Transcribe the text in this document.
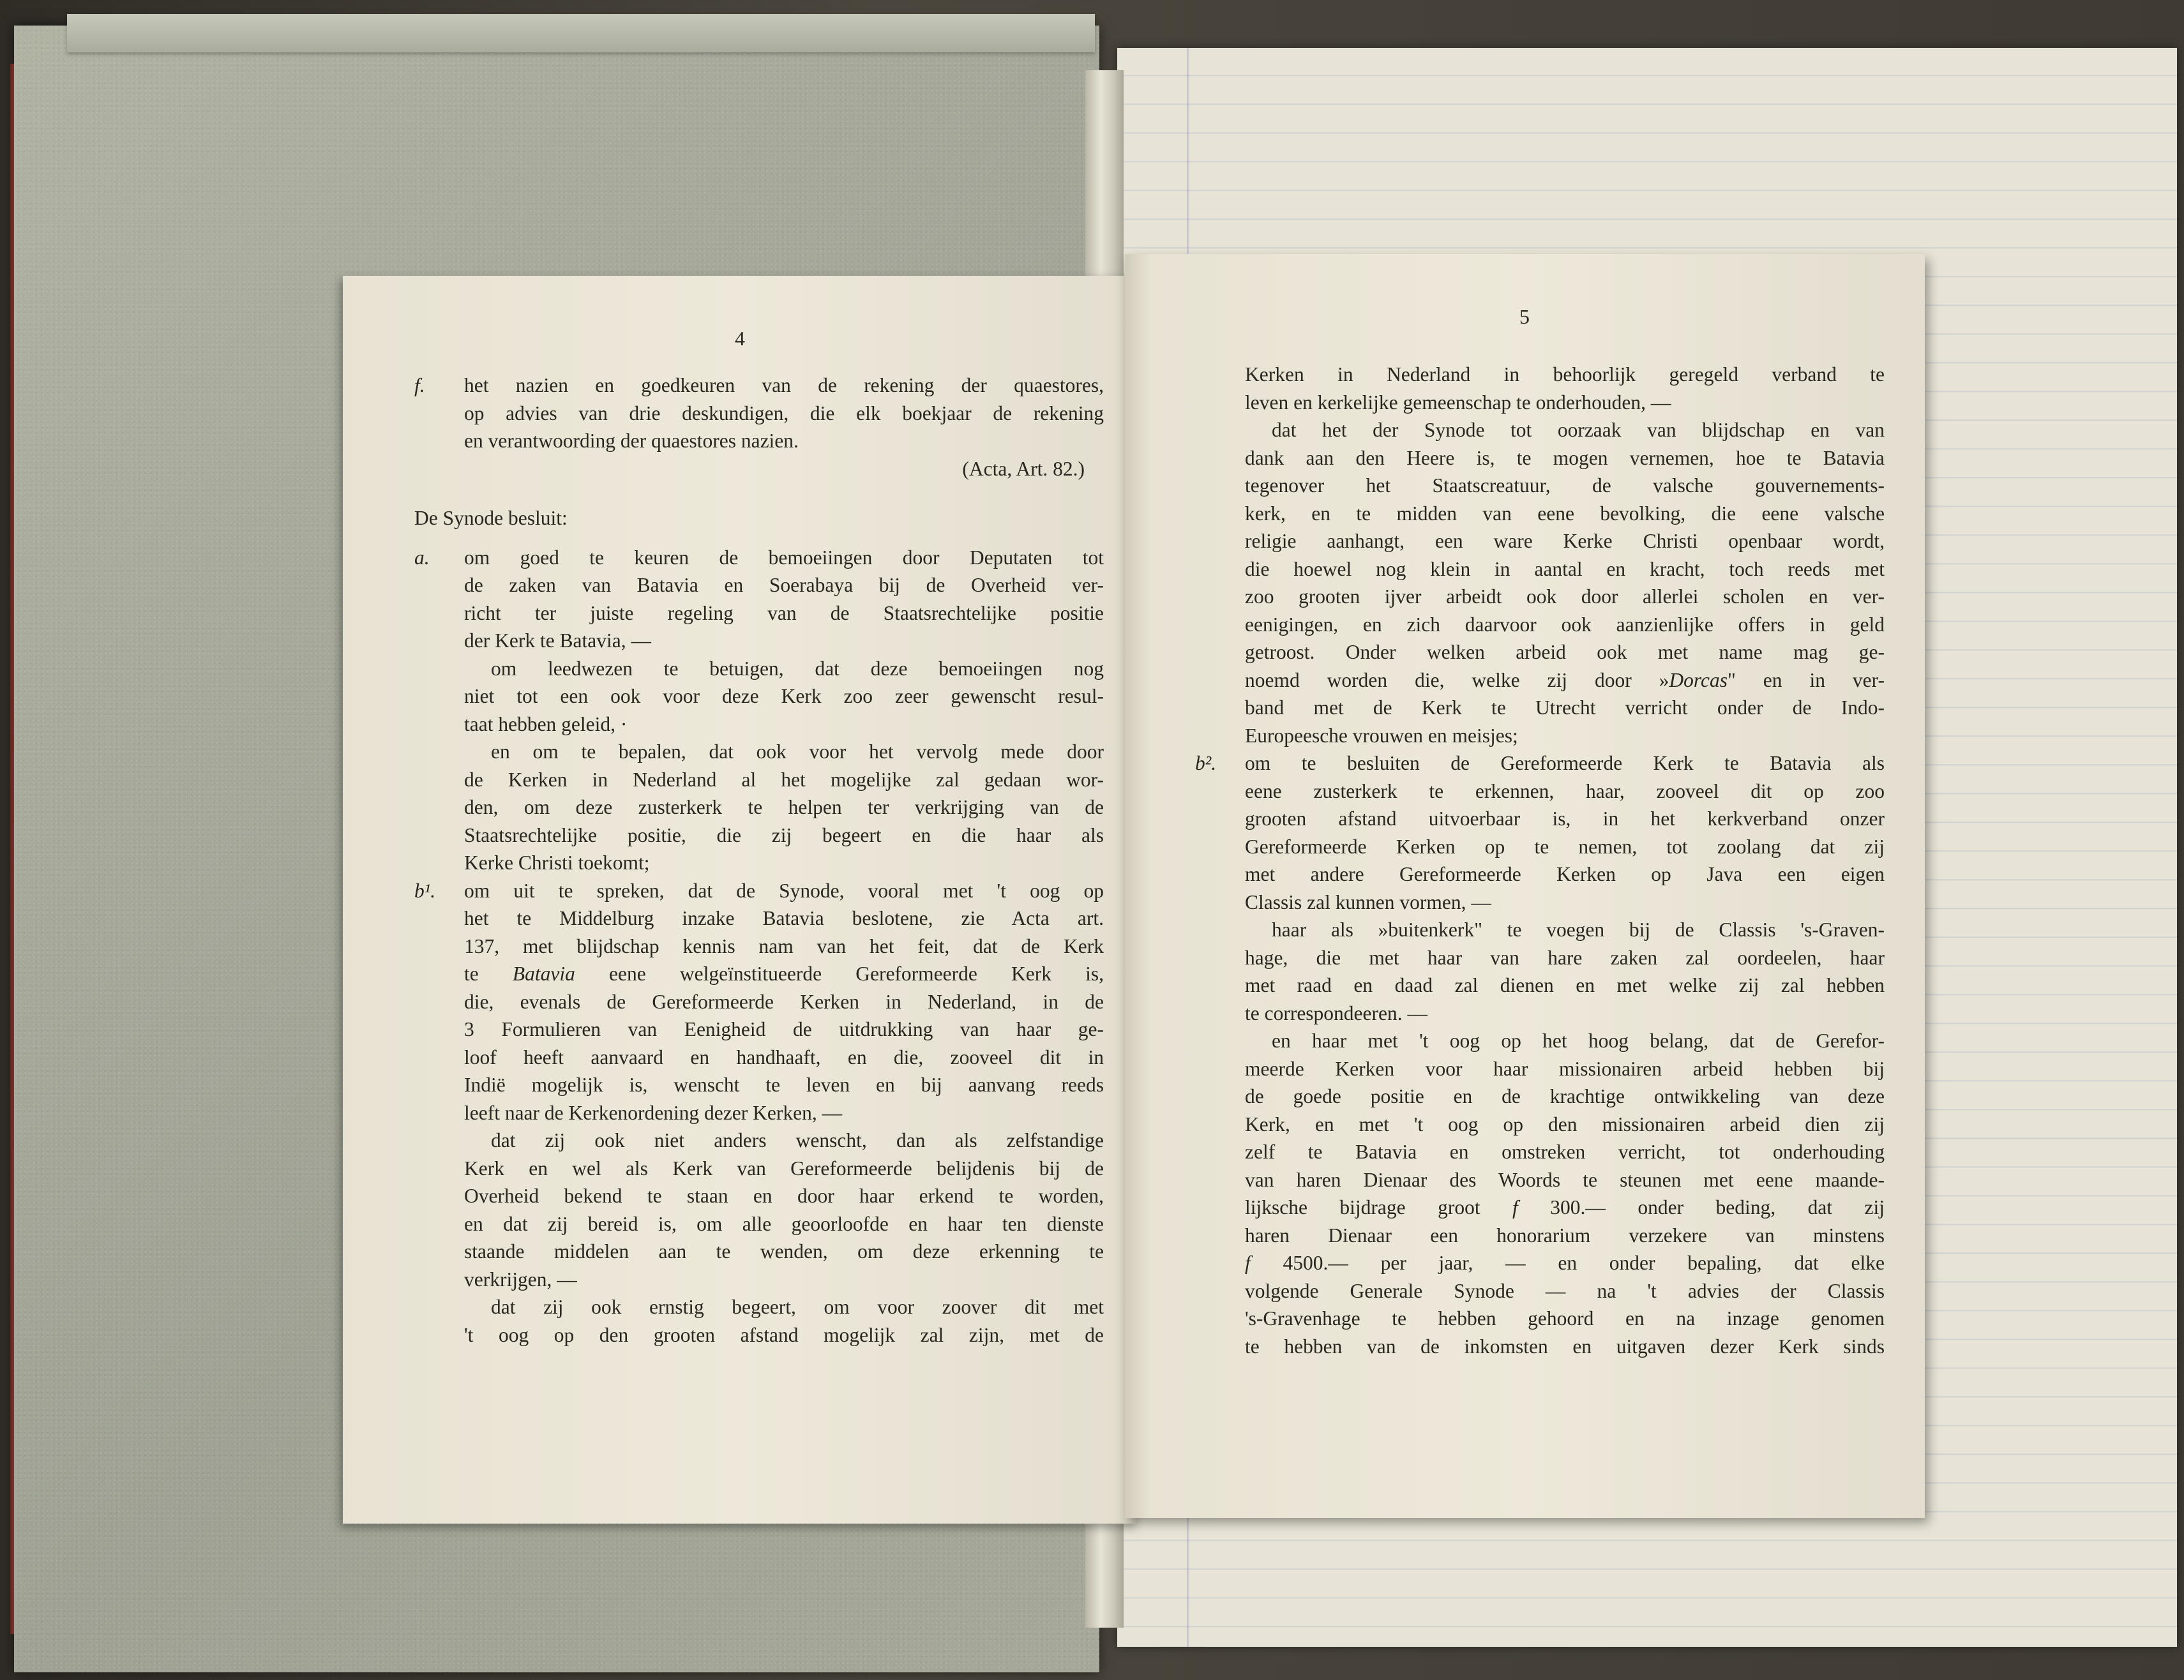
4
f. het nazien en goedkeuren van de rekening der quaestores,
op advies van drie deskundigen, die elk boekjaar de rekening
en verantwoording der quaestores nazien.
(Acta, Art. 82.)
De Synode besluit:
a. om goed te keuren de bemoeiingen door Deputaten tot
de zaken van Batavia en Soerabaya bij de Overheid ver-
richt ter juiste regeling van de Staatsrechtelijke positie
der Kerk te Batavia, —
om leedwezen te betuigen, dat deze bemoeiingen nog
niet tot een ook voor deze Kerk zoo zeer gewenscht resul-
taat hebben geleid, ·
en om te bepalen, dat ook voor het vervolg mede door
de Kerken in Nederland al het mogelijke zal gedaan wor-
den, om deze zusterkerk te helpen ter verkrijging van de
Staatsrechtelijke positie, die zij begeert en die haar als
Kerke Christi toekomt;
b¹. om uit te spreken, dat de Synode, vooral met 't oog op
het te Middelburg inzake Batavia beslotene, zie Acta art.
137, met blijdschap kennis nam van het feit, dat de Kerk
te Batavia eene welgeïnstitueerde Gereformeerde Kerk is,
die, evenals de Gereformeerde Kerken in Nederland, in de
3 Formulieren van Eenigheid de uitdrukking van haar ge-
loof heeft aanvaard en handhaaft, en die, zooveel dit in
Indië mogelijk is, wenscht te leven en bij aanvang reeds
leeft naar de Kerkenordening dezer Kerken, —
dat zij ook niet anders wenscht, dan als zelfstandige
Kerk en wel als Kerk van Gereformeerde belijdenis bij de
Overheid bekend te staan en door haar erkend te worden,
en dat zij bereid is, om alle geoorloofde en haar ten dienste
staande middelen aan te wenden, om deze erkenning te
verkrijgen, —
dat zij ook ernstig begeert, om voor zoover dit met
't oog op den grooten afstand mogelijk zal zijn, met de
5
Kerken in Nederland in behoorlijk geregeld verband te
leven en kerkelijke gemeenschap te onderhouden, —
dat het der Synode tot oorzaak van blijdschap en van
dank aan den Heere is, te mogen vernemen, hoe te Batavia
tegenover het Staatscreatuur, de valsche gouvernements-
kerk, en te midden van eene bevolking, die eene valsche
religie aanhangt, een ware Kerke Christi openbaar wordt,
die hoewel nog klein in aantal en kracht, toch reeds met
zoo grooten ijver arbeidt ook door allerlei scholen en ver-
eenigingen, en zich daarvoor ook aanzienlijke offers in geld
getroost. Onder welken arbeid ook met name mag ge-
noemd worden die, welke zij door »Dorcas" en in ver-
band met de Kerk te Utrecht verricht onder de Indo-
Europeesche vrouwen en meisjes;
b². om te besluiten de Gereformeerde Kerk te Batavia als
eene zusterkerk te erkennen, haar, zooveel dit op zoo
grooten afstand uitvoerbaar is, in het kerkverband onzer
Gereformeerde Kerken op te nemen, tot zoolang dat zij
met andere Gereformeerde Kerken op Java een eigen
Classis zal kunnen vormen, —
haar als »buitenkerk" te voegen bij de Classis 's-Graven-
hage, die met haar van hare zaken zal oordeelen, haar
met raad en daad zal dienen en met welke zij zal hebben
te correspondeeren. —
en haar met 't oog op het hoog belang, dat de Gerefor-
meerde Kerken voor haar missionairen arbeid hebben bij
de goede positie en de krachtige ontwikkeling van deze
Kerk, en met 't oog op den missionairen arbeid dien zij
zelf te Batavia en omstreken verricht, tot onderhouding
van haren Dienaar des Woords te steunen met eene maande-
lijksche bijdrage groot f 300.— onder beding, dat zij
haren Dienaar een honorarium verzekere van minstens
f 4500.— per jaar, — en onder bepaling, dat elke
volgende Generale Synode — na 't advies der Classis
's-Gravenhage te hebben gehoord en na inzage genomen
te hebben van de inkomsten en uitgaven dezer Kerk sinds
